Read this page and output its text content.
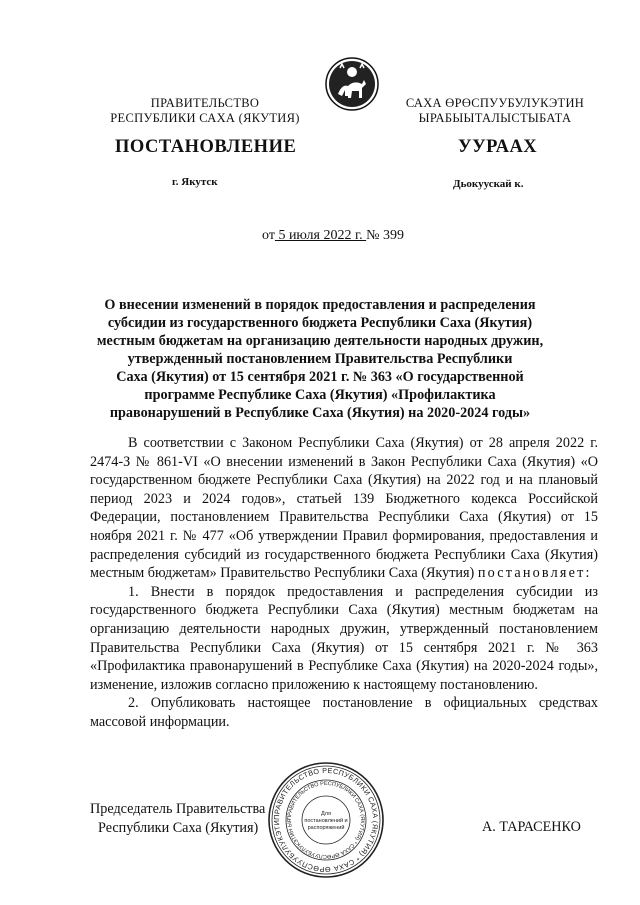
ПРАВИТЕЛЬСТВО
РЕСПУБЛИКИ САХА (ЯКУТИЯ)
САХА ӨРӨСПУУБУЛУКЭТИН
ЫРАБЫЫТАЛЫСТЫБАТА
ПОСТАНОВЛЕНИЕ	УУРААХ
г. Якутск	Дьокуускай к.
от 5 июля 2022 г. № 399
О внесении изменений в порядок предоставления и распределения
субсидии из государственного бюджета Республики Саха (Якутия)
местным бюджетам на организацию деятельности народных дружин,
утвержденный постановлением Правительства Республики
Саха (Якутия) от 15 сентября 2021 г. № 363 «О государственной
программе Республике Саха (Якутия) «Профилактика
правонарушений в Республике Саха (Якутия) на 2020-2024 годы»

В соответствии с Законом Республики Саха (Якутия) от 28 апреля 2022 г. 2474-З № 861-VI «О внесении изменений в Закон Республики Саха (Якутия) «О государственном бюджете Республики Саха (Якутия) на 2022 год и на плановый период 2023 и 2024 годов», статьей 139 Бюджетного кодекса Российской Федерации, постановлением Правительства Республики Саха (Якутия) от 15 ноября 2021 г. № 477 «Об утверждении Правил формирования, предоставления и распределения субсидий из государственного бюджета Республики Саха (Якутия) местным бюджетам» Правительство Республики Саха (Якутия) постановляет:

1. Внести в порядок предоставления и распределения субсидии из государственного бюджета Республики Саха (Якутия) местным бюджетам на организацию деятельности народных дружин, утвержденный постановлением Правительства Республики Саха (Якутия) от 15 сентября 2021 г. № 363 «Профилактика правонарушений в Республике Саха (Якутия) на 2020-2024 годы», изменение, изложив согласно приложению к настоящему постановлению.

2. Опубликовать настоящее постановление в официальных средствах массовой информации.

Председатель Правительства
Республики Саха (Якутия)	А. ТАРАСЕНКО
ПРАВИТЕЛЬСТВО РЕСПУБЛИКИ САХА (ЯКУТИЯ) * САХА ӨРӨСПУУБУЛУКЭТИ
ПРАВИТЕЛЬСТВО РЕСПУБЛИКИ САХА (ЯКУТИЯ) * САХА ӨРӨСПУУБУЛУКЭТИН ЫР
Для
постановлений и
распоряжений
